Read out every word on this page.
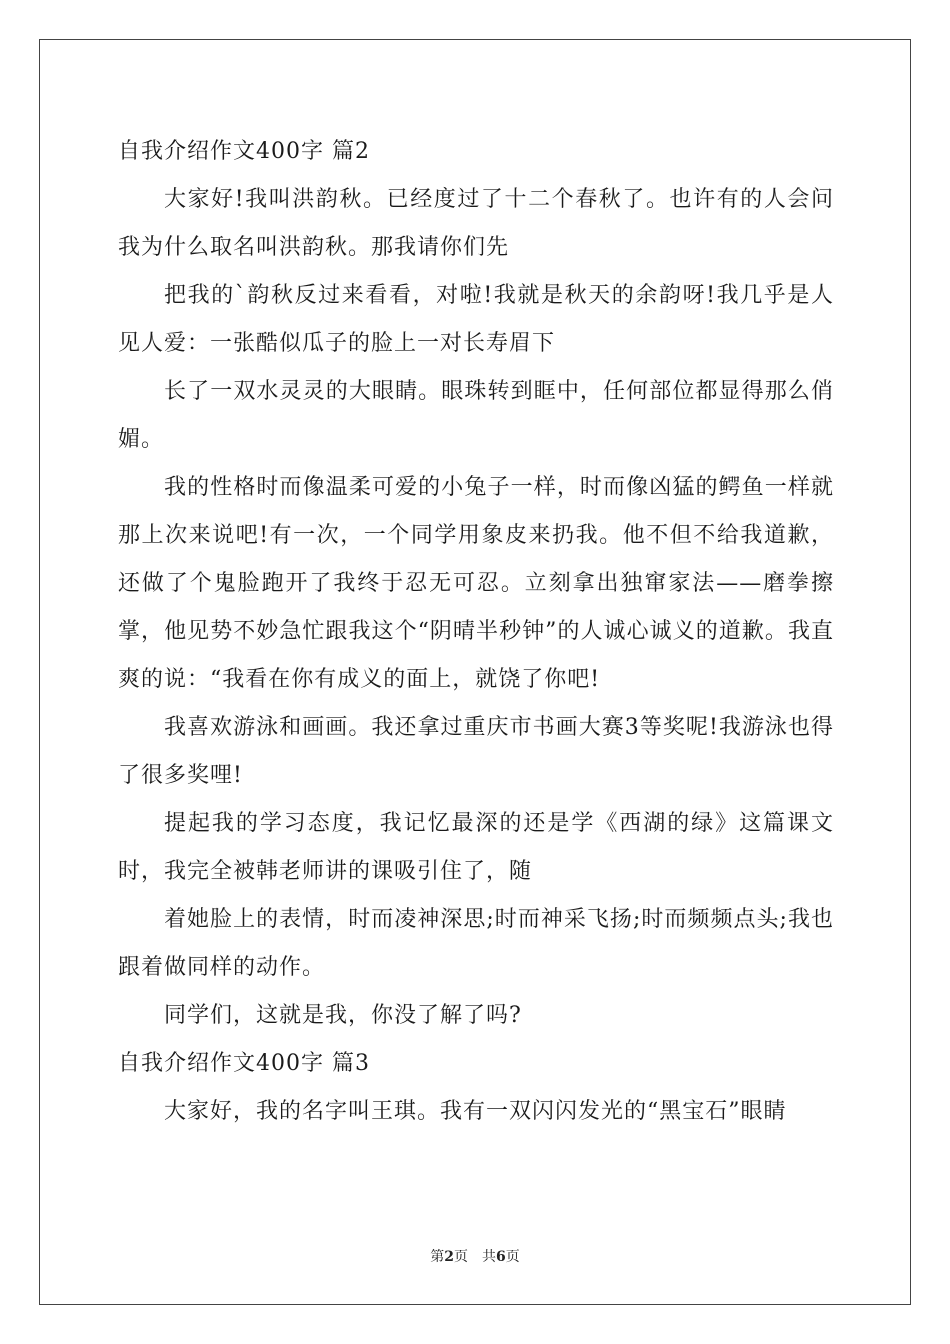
自我介绍作文400字 篇2

大家好!我叫洪韵秋。已经度过了十二个春秋了。也许有的人会问我为什么取名叫洪韵秋。那我请你们先

把我的`韵秋反过来看看，对啦!我就是秋天的余韵呀!我几乎是人见人爱：一张酷似瓜子的脸上一对长寿眉下

长了一双水灵灵的大眼睛。眼珠转到眶中，任何部位都显得那么俏媚。

我的性格时而像温柔可爱的小兔子一样，时而像凶猛的鳄鱼一样就那上次来说吧!有一次，一个同学用象皮来扔我。他不但不给我道歉，还做了个鬼脸跑开了我终于忍无可忍。立刻拿出独窜家法——磨拳擦掌，他见势不妙急忙跟我这个“阴晴半秒钟”的人诚心诚义的道歉。我直爽的说：“我看在你有成义的面上，就饶了你吧!

我喜欢游泳和画画。我还拿过重庆市书画大赛3等奖呢!我游泳也得了很多奖哩!

提起我的学习态度，我记忆最深的还是学《西湖的绿》这篇课文时，我完全被韩老师讲的课吸引住了，随

着她脸上的表情，时而凌神深思;时而神采飞扬;时而频频点头;我也跟着做同样的动作。

同学们，这就是我，你没了解了吗?

自我介绍作文400字 篇3

大家好，我的名字叫王琪。我有一双闪闪发光的“黑宝石”眼睛

第2页　共6页
